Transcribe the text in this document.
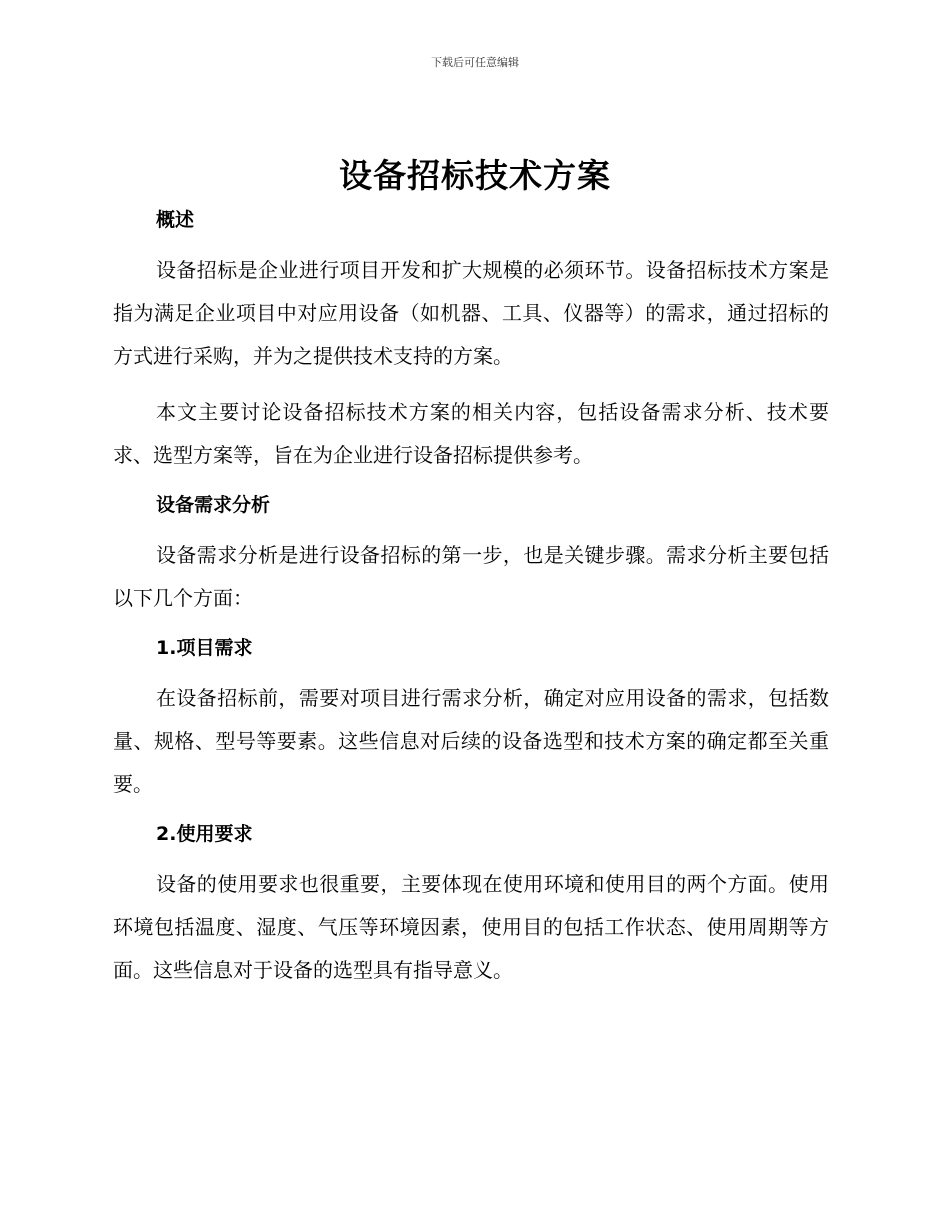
下载后可任意编辑
设备招标技术方案
概述

设备招标是企业进行项目开发和扩大规模的必须环节。设备招标技术方案是指为满足企业项目中对应用设备（如机器、工具、仪器等）的需求，通过招标的方式进行采购，并为之提供技术支持的方案。

本文主要讨论设备招标技术方案的相关内容，包括设备需求分析、技术要求、选型方案等，旨在为企业进行设备招标提供参考。

设备需求分析

设备需求分析是进行设备招标的第一步，也是关键步骤。需求分析主要包括以下几个方面：

1.项目需求

在设备招标前，需要对项目进行需求分析，确定对应用设备的需求，包括数量、规格、型号等要素。这些信息对后续的设备选型和技术方案的确定都至关重要。

2.使用要求

设备的使用要求也很重要，主要体现在使用环境和使用目的两个方面。使用环境包括温度、湿度、气压等环境因素，使用目的包括工作状态、使用周期等方面。这些信息对于设备的选型具有指导意义。
